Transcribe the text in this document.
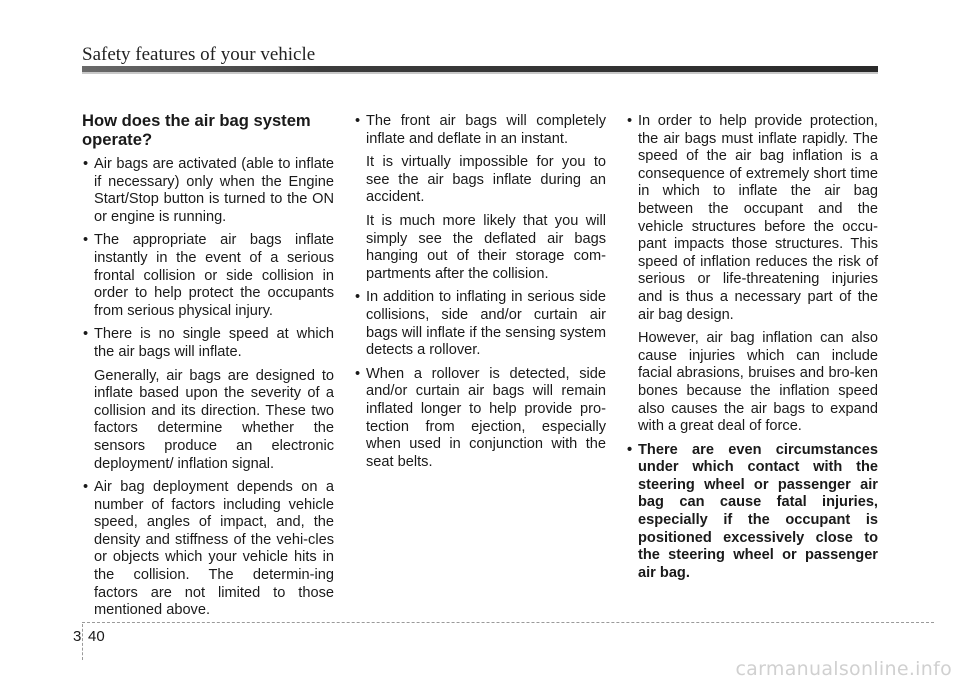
Safety features of your vehicle
How does the air bag system operate?
• Air bags are activated (able to inflate if necessary) only when the Engine Start/Stop button is turned to the ON or engine is running.
• The appropriate air bags inflate instantly in the event of a serious frontal collision or side collision in order to help protect the occupants from serious physical injury.
• There is no single speed at which the air bags will inflate.
Generally, air bags are designed to inflate based upon the severity of a collision and its direction. These two factors determine whether the sensors produce an electronic deployment/ inflation signal.
• Air bag deployment depends on a number of factors including vehicle speed, angles of impact, and, the density and stiffness of the vehi-cles or objects which your vehicle hits in the collision. The determin-ing factors are not limited to those mentioned above.
• The front air bags will completely inflate and deflate in an instant.
It is virtually impossible for you to see the air bags inflate during an accident.
It is much more likely that you will simply see the deflated air bags hanging out of their storage com-partments after the collision.
• In addition to inflating in serious side collisions, side and/or curtain air bags will inflate if the sensing system detects a rollover.
• When a rollover is detected, side and/or curtain air bags will remain inflated longer to help provide pro-tection from ejection, especially when used in conjunction with the seat belts.
• In order to help provide protection, the air bags must inflate rapidly. The speed of the air bag inflation is a consequence of extremely short time in which to inflate the air bag between the occupant and the vehicle structures before the occu-pant impacts those structures. This speed of inflation reduces the risk of serious or life-threatening injuries and is thus a necessary part of the air bag design.
However, air bag inflation can also cause injuries which can include facial abrasions, bruises and bro-ken bones because the inflation speed also causes the air bags to expand with a great deal of force.
• There are even circumstances under which contact with the steering wheel or passenger air bag can cause fatal injuries, especially if the occupant is positioned excessively close to the steering wheel or passenger air bag.
3 40
carmanualsonline.info
